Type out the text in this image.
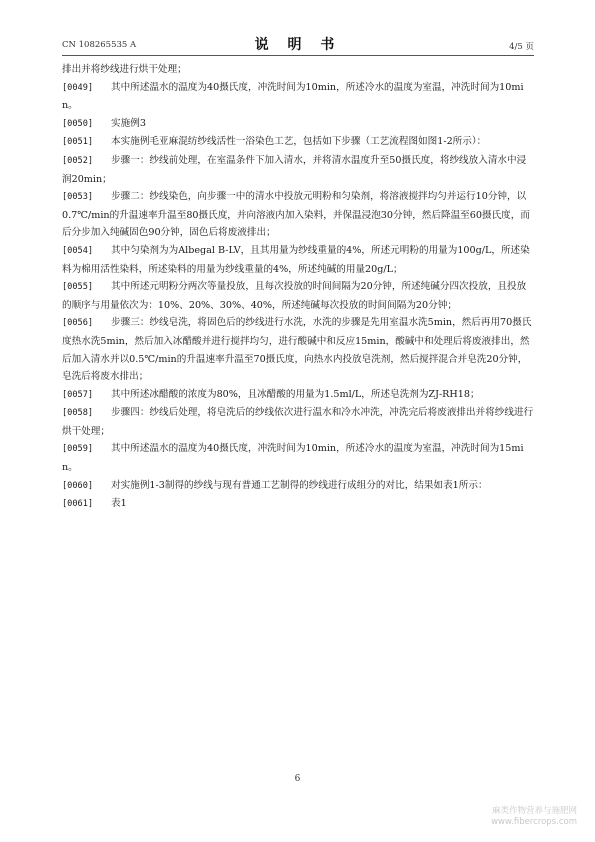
CN 108265535 A	说 明 书	4/5 页

排出并将纱线进行烘干处理；

[0049] 其中所述温水的温度为40摄氏度，冲洗时间为10min，所述冷水的温度为室温，冲洗时间为10min。

[0050] 实施例3

[0051] 本实施例毛亚麻混纺纱线活性一浴染色工艺，包括如下步骤（工艺流程图如图1-2所示）：

[0052] 步骤一：纱线前处理，在室温条件下加入清水，并将清水温度升至50摄氏度，将纱线放入清水中浸润20min；

[0053] 步骤二：纱线染色，向步骤一中的清水中投放元明粉和匀染剂，将溶液搅拌均匀并运行10分钟，以0.7℃/min的升温速率升温至80摄氏度，并向溶液内加入染料，并保温浸泡30分钟，然后降温至60摄氏度，而后分步加入纯碱固色90分钟，固色后将废液排出；

[0054] 其中匀染剂为为Albegal B-LV，且其用量为纱线重量的4%，所述元明粉的用量为100g/L，所述染料为棉用活性染料，所述染料的用量为纱线重量的4%，所述纯碱的用量20g/L；

[0055] 其中所述元明粉分两次等量投放，且每次投放的时间间隔为20分钟，所述纯碱分四次投放，且投放的顺序与用量依次为：10%、20%、30%、40%，所述纯碱每次投放的时间间隔为20分钟；

[0056] 步骤三：纱线皂洗，将固色后的纱线进行水洗，水洗的步骤是先用室温水洗5min，然后再用70摄氏度热水洗5min，然后加入冰醋酸并进行搅拌均匀，进行酸碱中和反应15min，酸碱中和处理后将废液排出，然后加入清水并以0.5℃/min的升温速率升温至70摄氏度，向热水内投放皂洗剂，然后搅拌混合并皂洗20分钟，皂洗后将废水排出；

[0057] 其中所述冰醋酸的浓度为80%，且冰醋酸的用量为1.5ml/L，所述皂洗剂为ZJ-RH18；

[0058] 步骤四：纱线后处理，将皂洗后的纱线依次进行温水和冷水冲洗，冲洗完后将废液排出并将纱线进行烘干处理；

[0059] 其中所述温水的温度为40摄氏度，冲洗时间为10min，所述冷水的温度为室温，冲洗时间为15min。

[0060] 对实施例1-3制得的纱线与现有普通工艺制得的纱线进行成组分的对比，结果如表1所示：

[0061] 表1

6
麻类作物营养与施肥网
www.fibercrops.com
